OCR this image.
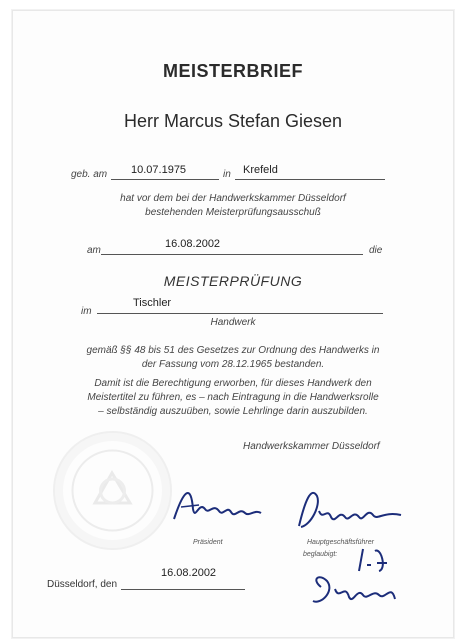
MEISTERBRIEF
Herr Marcus Stefan Giesen
geb. am 10.07.1975	in Krefeld
hat vor dem bei der Handwerkskammer Düsseldorf
bestehenden Meisterprüfungsausschuß
am
16.08.2002
die
MEISTERPRÜFUNG
im
Tischler
Handwerk
gemäß §§ 48 bis 51 des Gesetzes zur Ordnung des Handwerks in
der Fassung vom 28.12.1965 bestanden.
Damit ist die Berechtigung erworben, für dieses Handwerk den
Meistertitel zu führen, es – nach Eintragung in die Handwerksrolle
– selbständig auszuüben, sowie Lehrlinge darin auszubilden.
Handwerkskammer Düsseldorf
Präsident	Hauptgeschäftsführer
beglaubigt:
Düsseldorf, den
16.08.2002
